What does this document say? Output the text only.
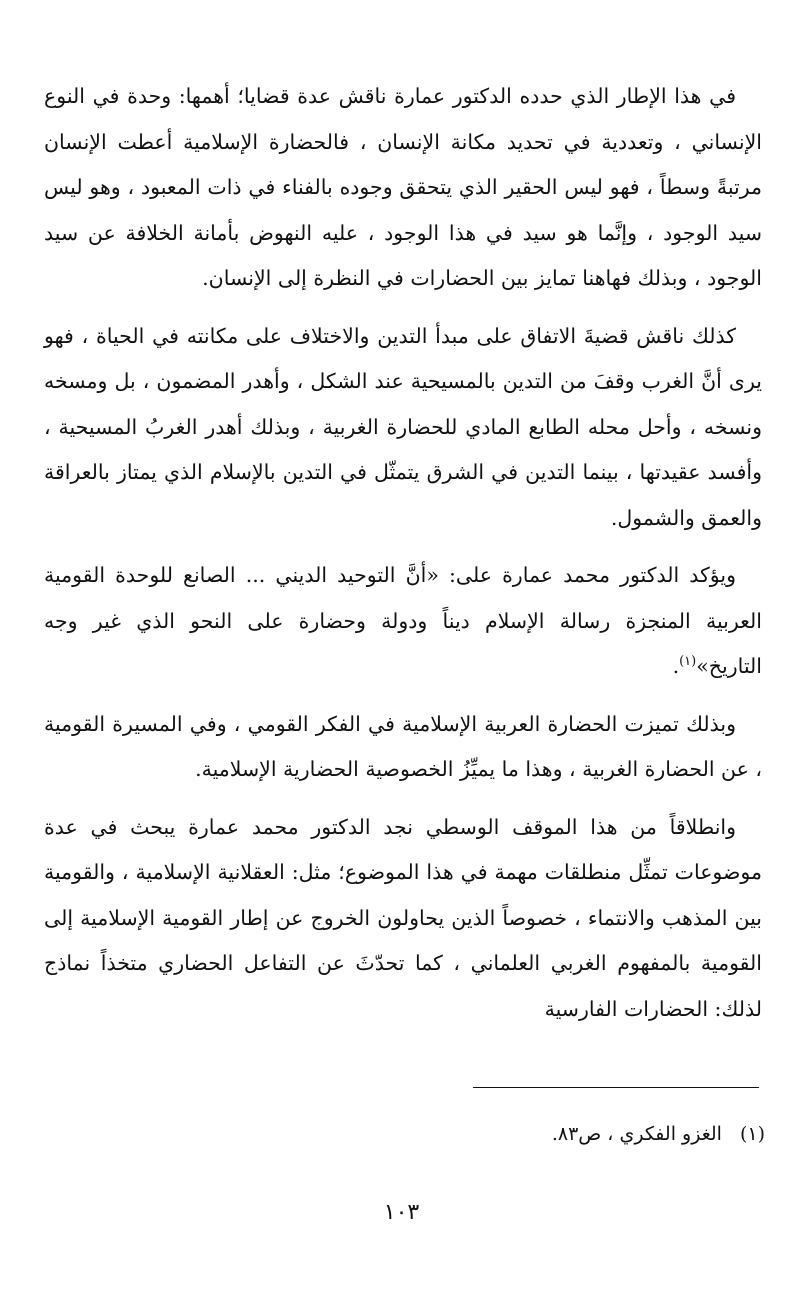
في هذا الإطار الذي حدده الدكتور عمارة ناقش عدة قضايا؛ أهمها: وحدة في النوع الإنساني ، وتعددية في تحديد مكانة الإنسان ، فالحضارة الإسلامية أعطت الإنسان مرتبةً وسطاً ، فهو ليس الحقير الذي يتحقق وجوده بالفناء في ذات المعبود ، وهو ليس سيد الوجود ، وإنَّما هو سيد في هذا الوجود ، عليه النهوض بأمانة الخلافة عن سيد الوجود ، وبذلك فهاهنا تمايز بين الحضارات في النظرة إلى الإنسان.

كذلك ناقش قضيةَ الاتفاق على مبدأ التدين والاختلاف على مكانته في الحياة ، فهو يرى أنَّ الغرب وقفَ من التدين بالمسيحية عند الشكل ، وأهدر المضمون ، بل ومسخه ونسخه ، وأحل محله الطابع المادي للحضارة الغربية ، وبذلك أهدر الغربُ المسيحية ، وأفسد عقيدتها ، بينما التدين في الشرق يتمثّل في التدين بالإسلام الذي يمتاز بالعراقة والعمق والشمول.

ويؤكد الدكتور محمد عمارة على: «أنَّ التوحيد الديني ... الصانع للوحدة القومية العربية المنجزة رسالة الإسلام ديناً ودولة وحضارة على النحو الذي غير وجه التاريخ»$^{(١)}$.

وبذلك تميزت الحضارة العربية الإسلامية في الفكر القومي ، وفي المسيرة القومية ، عن الحضارة الغربية ، وهذا ما يميِّزُ الخصوصية الحضارية الإسلامية.

وانطلاقاً من هذا الموقف الوسطي نجد الدكتور محمد عمارة يبحث في عدة موضوعات تمثِّل منطلقات مهمة في هذا الموضوع؛ مثل: العقلانية الإسلامية ، والقومية بين المذهب والانتماء ، خصوصاً الذين يحاولون الخروج عن إطار القومية الإسلامية إلى القومية بالمفهوم الغربي العلماني ، كما تحدّثَ عن التفاعل الحضاري متخذاً نماذج لذلك: الحضارات الفارسية

(١)الغزو الفكري ، ص٨٣.
١٠٣
